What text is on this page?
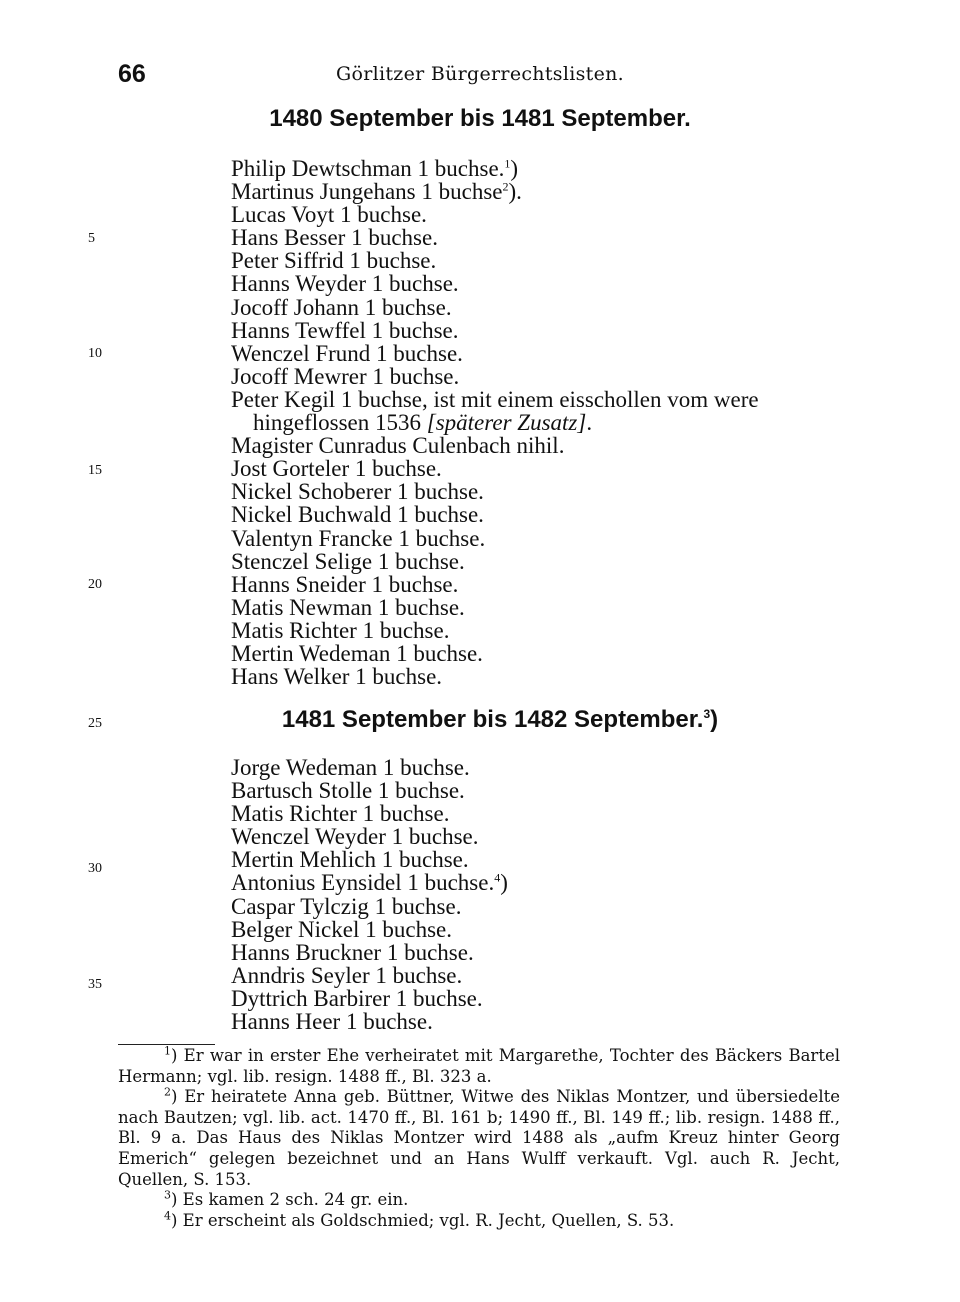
66	Görlitzer Bürgerrechtslisten.
1480 September bis 1481 September.
Philip Dewtschman 1 buchse.$^1$)
Martinus Jungehans 1 buchse$^2$).
Lucas Voyt 1 buchse.
Hans Besser 1 buchse.
Peter Siffrid 1 buchse.
Hanns Weyder 1 buchse.
Jocoff Johann 1 buchse.
Hanns Tewffel 1 buchse.
Wenczel Frund 1 buchse.
Jocoff Mewrer 1 buchse.
Peter Kegil 1 buchse, ist mit einem eisschollen vom were hingeflossen 1536 [späterer Zusatz].
Magister Cunradus Culenbach nihil.
Jost Gorteler 1 buchse.
Nickel Schoberer 1 buchse.
Nickel Buchwald 1 buchse.
Valentyn Francke 1 buchse.
Stenczel Selige 1 buchse.
Hanns Sneider 1 buchse.
Matis Newman 1 buchse.
Matis Richter 1 buchse.
Mertin Wedeman 1 buchse.
Hans Welker 1 buchse.
1481 September bis 1482 September.$^3$)
Jorge Wedeman 1 buchse.
Bartusch Stolle 1 buchse.
Matis Richter 1 buchse.
Wenczel Weyder 1 buchse.
Mertin Mehlich 1 buchse.
Antonius Eynsidel 1 buchse.$^4$)
Caspar Tylczig 1 buchse.
Belger Nickel 1 buchse.
Hanns Bruckner 1 buchse.
Anndris Seyler 1 buchse.
Dyttrich Barbirer 1 buchse.
Hanns Heer 1 buchse.
5
10
15
20
25
30
35
$^1$) Er war in erster Ehe verheiratet mit Margarethe, Tochter des Bäckers Bartel Hermann; vgl. lib. resign. 1488 ff., Bl. 323 a.
$^2$) Er heiratete Anna geb. Büttner, Witwe des Niklas Montzer, und übersiedelte nach Bautzen; vgl. lib. act. 1470 ff., Bl. 161 b; 1490 ff., Bl. 149 ff.; lib. resign. 1488 ff., Bl. 9 a. Das Haus des Niklas Montzer wird 1488 als „aufm Kreuz hinter Georg Emerich“ gelegen bezeichnet und an Hans Wulff verkauft. Vgl. auch R. Jecht, Quellen, S. 153.
$^3$) Es kamen 2 sch. 24 gr. ein.
$^4$) Er erscheint als Goldschmied; vgl. R. Jecht, Quellen, S. 53.
